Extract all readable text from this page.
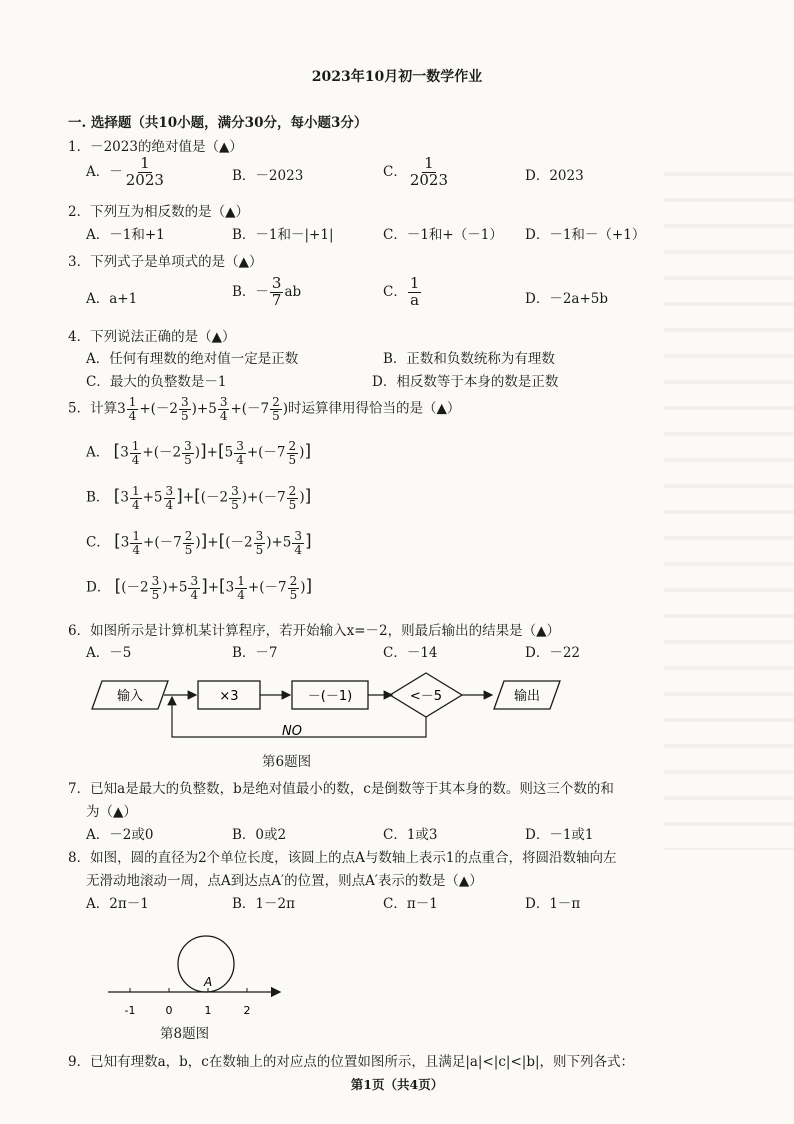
2023年10月初一数学作业
一. 选择题（共10小题，满分30分，每小题3分）
1．－2023的绝对值是（▲）
A．－ $\frac{1}{2023}$	B．－2023	C． $\frac{1}{2023}$	D．2023
2．下列互为相反数的是（▲）
A．－1和+1	B．－1和－|+1|	C．－1和+（－1） D．－1和－（+1）
3．下列式子是单项式的是（▲）
A．a+1	B．－ $\frac{3}{7}$ ab	C． $\frac{1}{a}$	D．－2a+5b
4．下列说法正确的是（▲）
A．任何有理数的绝对值一定是正数	B．正数和负数统称为有理数
C．最大的负整数是－1	D．相反数等于本身的数是正数
5．计算$3 \frac{1}{4} +(-2 \frac{3}{5} )+5 \frac{3}{4} +(-7 \frac{2}{5}$ )时运算律用得恰当的是（▲）
A． $[3 \frac{1}{4} +(-2 \frac{3}{5} )]+[5 \frac{3}{4} +(-7 \frac{2}{5}$ )]
B． $[3 \frac{1}{4} +5 \frac{3}{4} ]+[(-2 \frac{3}{5} )+(-7 \frac{2}{5}$ )]
C． $[3 \frac{1}{4} +(-7 \frac{2}{5} )]+[(-2 \frac{3}{5} )+5 \frac{3}{4}$ ]
D． $[(-2 \frac{3}{5} )+5 \frac{3}{4} ]+[3 \frac{1}{4} +(-7 \frac{2}{5}$ )]
6．如图所示是计算机某计算程序，若开始输入x=－2，则最后输出的结果是（▲）
A．－5	B．－7	C．－14	D．－22
输入	×3	－(－1)	<－5	输出
NO
第6题图
7．已知a是最大的负整数，b是绝对值最小的数，c是倒数等于其本身的数。则这三个数的和
为（▲）
A．－2或0	B．0或2	C．1或3	D．－1或1
8．如图，圆的直径为2个单位长度，该圆上的点A与数轴上表示1的点重合，将圆沿数轴向左
无滑动地滚动一周，点A到达点A′的位置，则点A′表示的数是（▲）
A．2π－1	B．1－2π	C．π－1	D．1－π
A
-1	0	1	2
第8题图
9．已知有理数a，b，c在数轴上的对应点的位置如图所示，且满足|a|<|c|<|b|，则下列各式：
第1页（共4页）
